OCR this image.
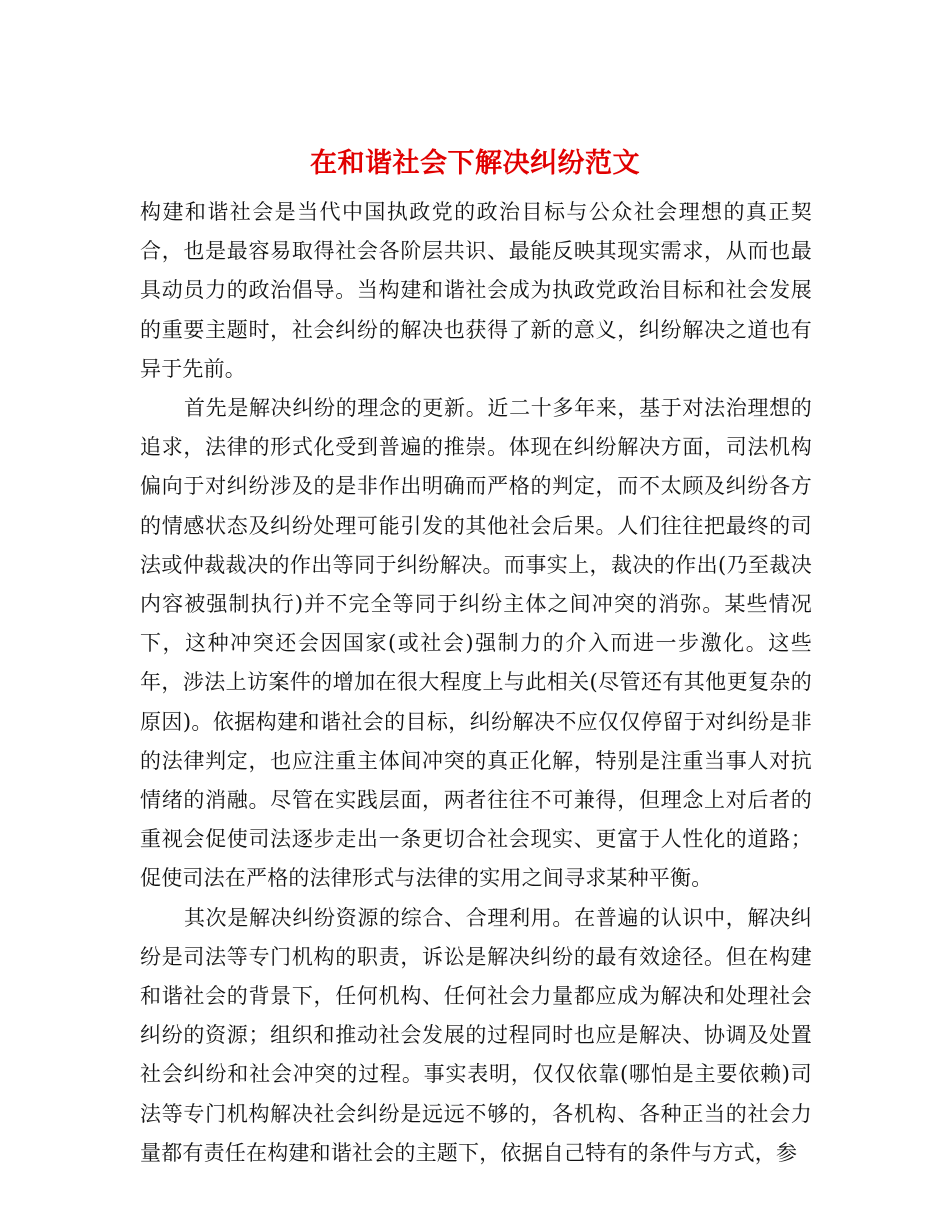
在和谐社会下解决纠纷范文

构建和谐社会是当代中国执政党的政治目标与公众社会理想的真正契合，也是最容易取得社会各阶层共识、最能反映其现实需求，从而也最具动员力的政治倡导。当构建和谐社会成为执政党政治目标和社会发展的重要主题时，社会纠纷的解决也获得了新的意义，纠纷解决之道也有异于先前。

首先是解决纠纷的理念的更新。近二十多年来，基于对法治理想的追求，法律的形式化受到普遍的推崇。体现在纠纷解决方面，司法机构偏向于对纠纷涉及的是非作出明确而严格的判定，而不太顾及纠纷各方的情感状态及纠纷处理可能引发的其他社会后果。人们往往把最终的司法或仲裁裁决的作出等同于纠纷解决。而事实上，裁决的作出(乃至裁决内容被强制执行)并不完全等同于纠纷主体之间冲突的消弥。某些情况下，这种冲突还会因国家(或社会)强制力的介入而进一步激化。这些年，涉法上访案件的增加在很大程度上与此相关(尽管还有其他更复杂的原因)。依据构建和谐社会的目标，纠纷解决不应仅仅停留于对纠纷是非的法律判定，也应注重主体间冲突的真正化解，特别是注重当事人对抗情绪的消融。尽管在实践层面，两者往往不可兼得，但理念上对后者的重视会促使司法逐步走出一条更切合社会现实、更富于人性化的道路；促使司法在严格的法律形式与法律的实用之间寻求某种平衡。

其次是解决纠纷资源的综合、合理利用。在普遍的认识中，解决纠纷是司法等专门机构的职责，诉讼是解决纠纷的最有效途径。但在构建和谐社会的背景下，任何机构、任何社会力量都应成为解决和处理社会纠纷的资源；组织和推动社会发展的过程同时也应是解决、协调及处置社会纠纷和社会冲突的过程。事实表明，仅仅依靠(哪怕是主要依赖)司法等专门机构解决社会纠纷是远远不够的，各机构、各种正当的社会力量都有责任在构建和谐社会的主题下，依据自己特有的条件与方式，参
